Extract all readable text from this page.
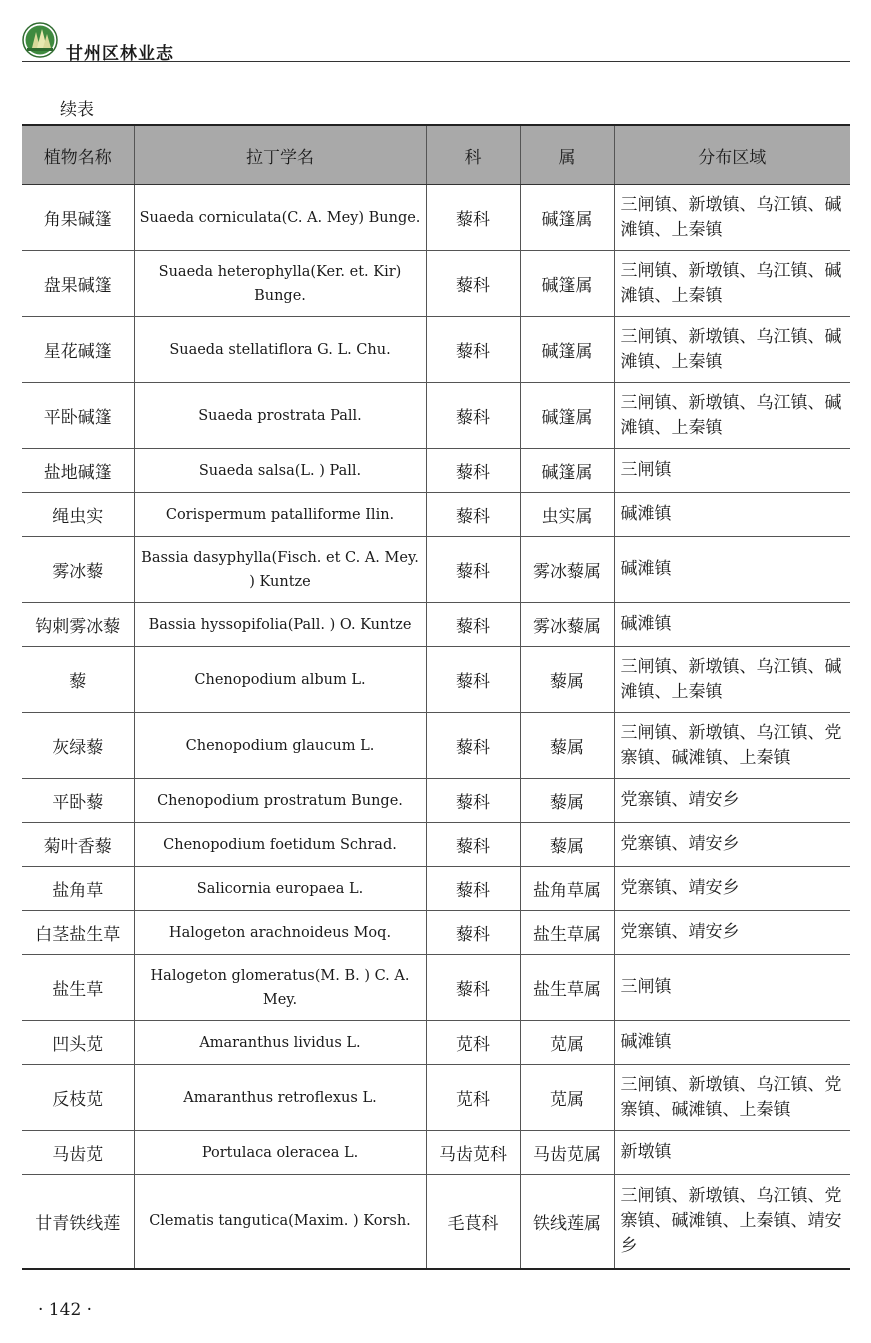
甘州区林业志
续表
植物名称	拉丁学名	科	属	分布区域
角果碱篷	Suaeda corniculata(C. A. Mey) Bunge.	藜科	碱篷属	三闸镇、新墩镇、乌江镇、碱滩镇、上秦镇
盘果碱篷	Suaeda heterophylla(Ker. et. Kir) Bunge.	藜科	碱篷属	三闸镇、新墩镇、乌江镇、碱滩镇、上秦镇
星花碱篷	Suaeda stellatiflora G. L. Chu.	藜科	碱篷属	三闸镇、新墩镇、乌江镇、碱滩镇、上秦镇
平卧碱篷	Suaeda prostrata Pall.	藜科	碱篷属	三闸镇、新墩镇、乌江镇、碱滩镇、上秦镇
盐地碱篷	Suaeda salsa(L. ) Pall.	藜科	碱篷属	三闸镇
绳虫实	Corispermum patalliforme Ilin.	藜科	虫实属	碱滩镇
雾冰藜	Bassia dasyphylla(Fisch. et C. A. Mey. ) Kuntze	藜科	雾冰藜属	碱滩镇
钩刺雾冰藜	Bassia hyssopifolia(Pall. ) O. Kuntze	藜科	雾冰藜属	碱滩镇
藜	Chenopodium album L.	藜科	藜属	三闸镇、新墩镇、乌江镇、碱滩镇、上秦镇
灰绿藜	Chenopodium glaucum L.	藜科	藜属	三闸镇、新墩镇、乌江镇、党寨镇、碱滩镇、上秦镇
平卧藜	Chenopodium prostratum Bunge.	藜科	藜属	党寨镇、靖安乡
菊叶香藜	Chenopodium foetidum Schrad.	藜科	藜属	党寨镇、靖安乡
盐角草	Salicornia europaea L.	藜科	盐角草属	党寨镇、靖安乡
白茎盐生草	Halogeton arachnoideus Moq.	藜科	盐生草属	党寨镇、靖安乡
盐生草	Halogeton glomeratus(M. B. ) C. A. Mey.	藜科	盐生草属	三闸镇
凹头苋	Amaranthus lividus L.	苋科	苋属	碱滩镇
反枝苋	Amaranthus retroflexus L.	苋科	苋属	三闸镇、新墩镇、乌江镇、党寨镇、碱滩镇、上秦镇
马齿苋	Portulaca oleracea L.	马齿苋科	马齿苋属	新墩镇
甘青铁线莲	Clematis tangutica(Maxim. ) Korsh.	毛茛科	铁线莲属	三闸镇、新墩镇、乌江镇、党寨镇、碱滩镇、上秦镇、靖安乡
· 142 ·
